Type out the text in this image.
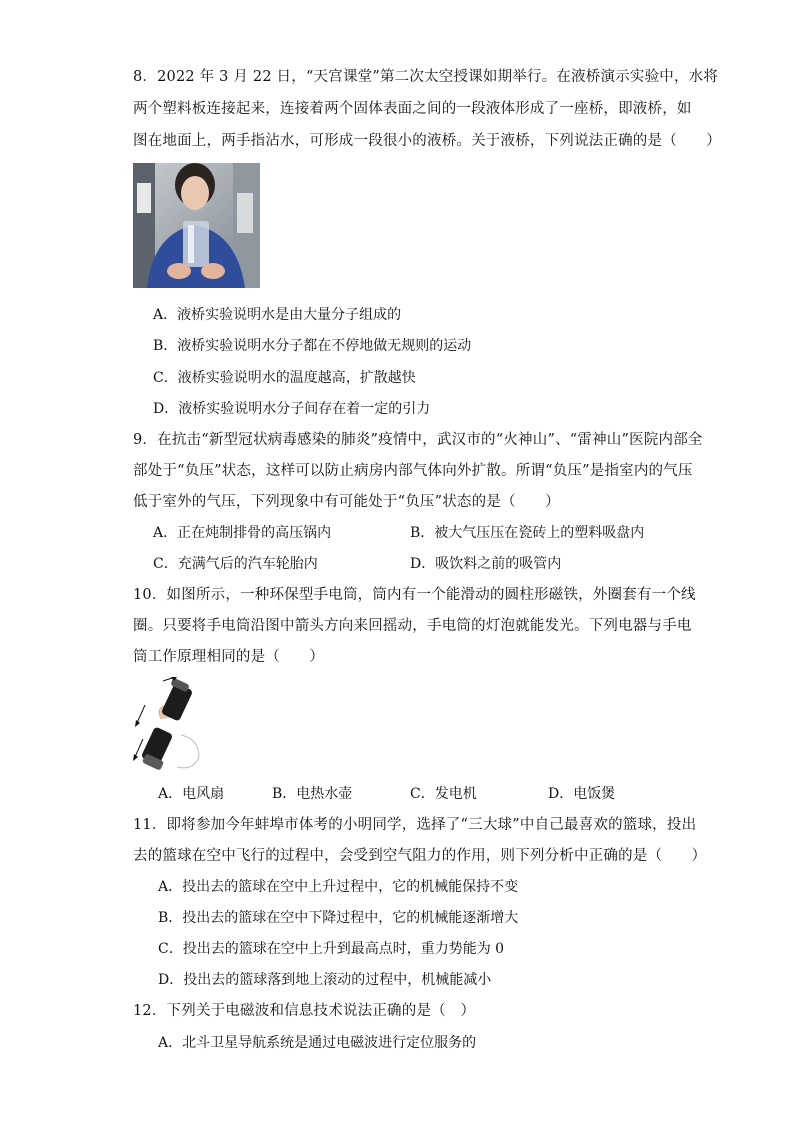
8．2022 年 3 月 22 日，“天宫课堂”第二次太空授课如期举行。在液桥演示实验中，水将
两个塑料板连接起来，连接着两个固体表面之间的一段液体形成了一座桥，即液桥，如
图在地面上，两手指沾水，可形成一段很小的液桥。关于液桥，下列说法正确的是（　　）
A．液桥实验说明水是由大量分子组成的
B．液桥实验说明水分子都在不停地做无规则的运动
C．液桥实验说明水的温度越高，扩散越快
D．液桥实验说明水分子间存在着一定的引力
9．在抗击“新型冠状病毒感染的肺炎”疫情中，武汉市的“火神山”、“雷神山”医院内部全
部处于“负压”状态，这样可以防止病房内部气体向外扩散。所谓“负压”是指室内的气压
低于室外的气压，下列现象中有可能处于“负压”状态的是（　　）
A．正在炖制排骨的高压锅内	B．被大气压压在瓷砖上的塑料吸盘内
C．充满气后的汽车轮胎内	D．吸饮料之前的吸管内
10．如图所示，一种环保型手电筒，筒内有一个能滑动的圆柱形磁铁，外圈套有一个线
圈。只要将手电筒沿图中箭头方向来回摇动，手电筒的灯泡就能发光。下列电器与手电
筒工作原理相同的是（　　）
A．电风扇	B．电热水壶	C．发电机	D．电饭煲
11．即将参加今年蚌埠市体考的小明同学，选择了“三大球”中自己最喜欢的篮球，投出
去的篮球在空中飞行的过程中，会受到空气阻力的作用，则下列分析中正确的是（　　）
A．投出去的篮球在空中上升过程中，它的机械能保持不变
B．投出去的篮球在空中下降过程中，它的机械能逐渐增大
C．投出去的篮球在空中上升到最高点时，重力势能为 0
D．投出去的篮球落到地上滚动的过程中，机械能减小
12．下列关于电磁波和信息技术说法正确的是（　）
A．北斗卫星导航系统是通过电磁波进行定位服务的
